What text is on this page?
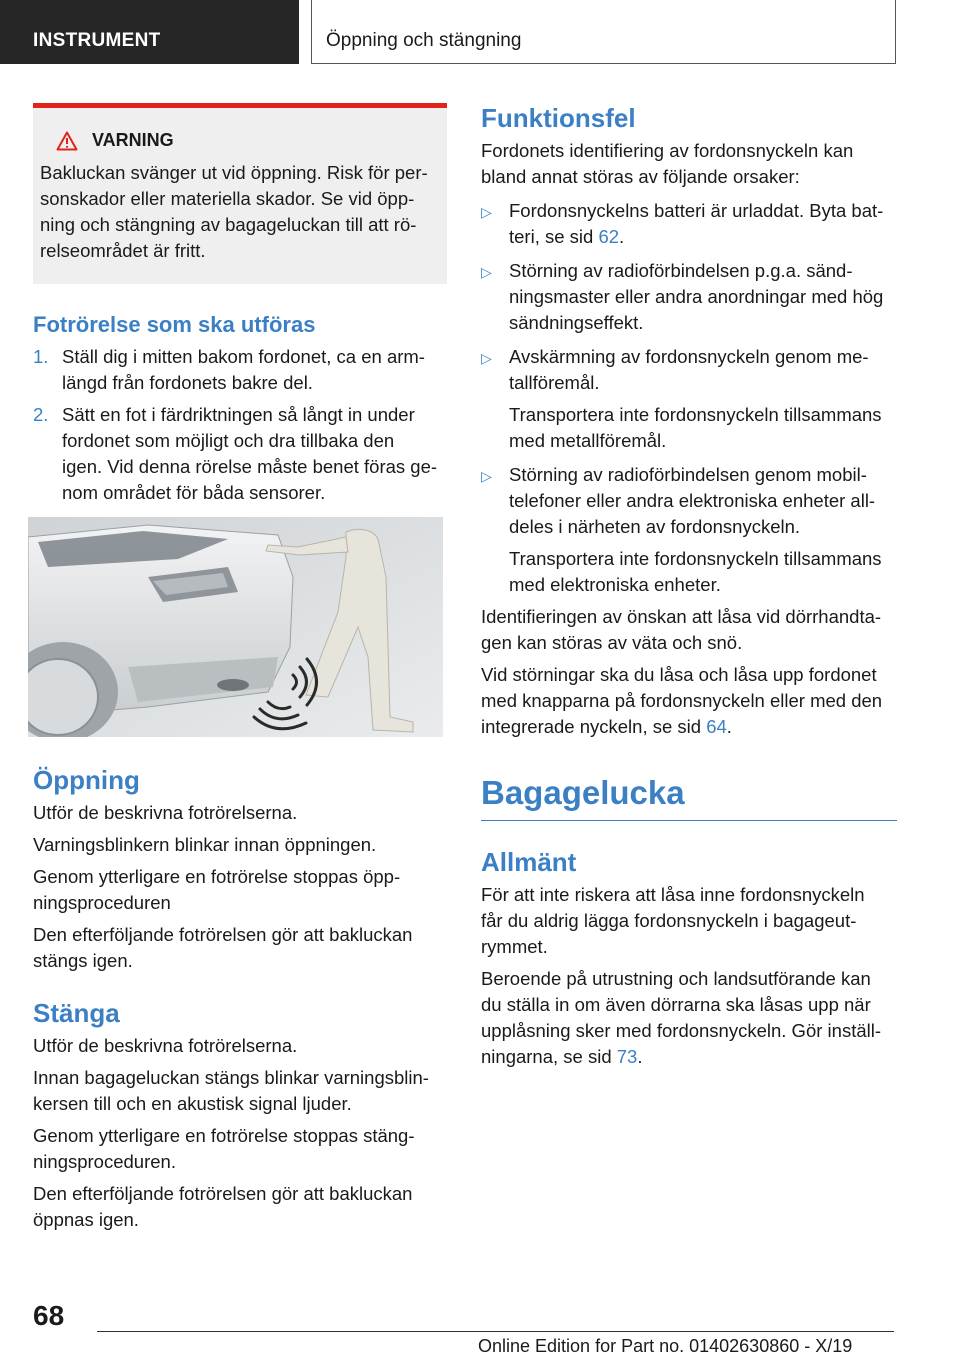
INSTRUMENT	Öppning och stängning
VARNING
Bakluckan svänger ut vid öppning. Risk för per‐
sonskador eller materiella skador. Se vid öpp‐
ning och stängning av bagageluckan till att rö‐
relseområdet är fritt.
Fotrörelse som ska utföras
1. Ställ dig i mitten bakom fordonet, ca en arm‐
längd från fordonets bakre del.
2. Sätt en fot i färdriktningen så långt in under
fordonet som möjligt och dra tillbaka den
igen. Vid denna rörelse måste benet föras ge‐
nom området för båda sensorer.
Öppning
Utför de beskrivna fotrörelserna.
Varningsblinkern blinkar innan öppningen.
Genom ytterligare en fotrörelse stoppas öpp‐
ningsproceduren
Den efterföljande fotrörelsen gör att bakluckan
stängs igen.
Stänga
Utför de beskrivna fotrörelserna.
Innan bagageluckan stängs blinkar varningsblin‐
kersen till och en akustisk signal ljuder.
Genom ytterligare en fotrörelse stoppas stäng‐
ningsproceduren.
Den efterföljande fotrörelsen gör att bakluckan
öppnas igen.
Funktionsfel
Fordonets identifiering av fordonsnyckeln kan
bland annat störas av följande orsaker:
▷ Fordonsnyckelns batteri är urladdat. Byta bat‐
teri, se sid 62.
▷ Störning av radioförbindelsen p.g.a. sänd‐
ningsmaster eller andra anordningar med hög
sändningseffekt.
▷ Avskärmning av fordonsnyckeln genom me‐
tallföremål.
Transportera inte fordonsnyckeln tillsammans
med metallföremål.
▷ Störning av radioförbindelsen genom mobil‐
telefoner eller andra elektroniska enheter all‐
deles i närheten av fordonsnyckeln.
Transportera inte fordonsnyckeln tillsammans
med elektroniska enheter.
Identifieringen av önskan att låsa vid dörrhandta‐
gen kan störas av väta och snö.
Vid störningar ska du låsa och låsa upp fordonet
med knapparna på fordonsnyckeln eller med den
integrerade nyckeln, se sid 64.
Bagagelucka
Allmänt
För att inte riskera att låsa inne fordonsnyckeln
får du aldrig lägga fordonsnyckeln i bagageut‐
rymmet.
Beroende på utrustning och landsutförande kan
du ställa in om även dörrarna ska låsas upp när
upplåsning sker med fordonsnyckeln. Gör inställ‐
ningarna, se sid 73.
68
Online Edition for Part no. 01402630860 - X/19
